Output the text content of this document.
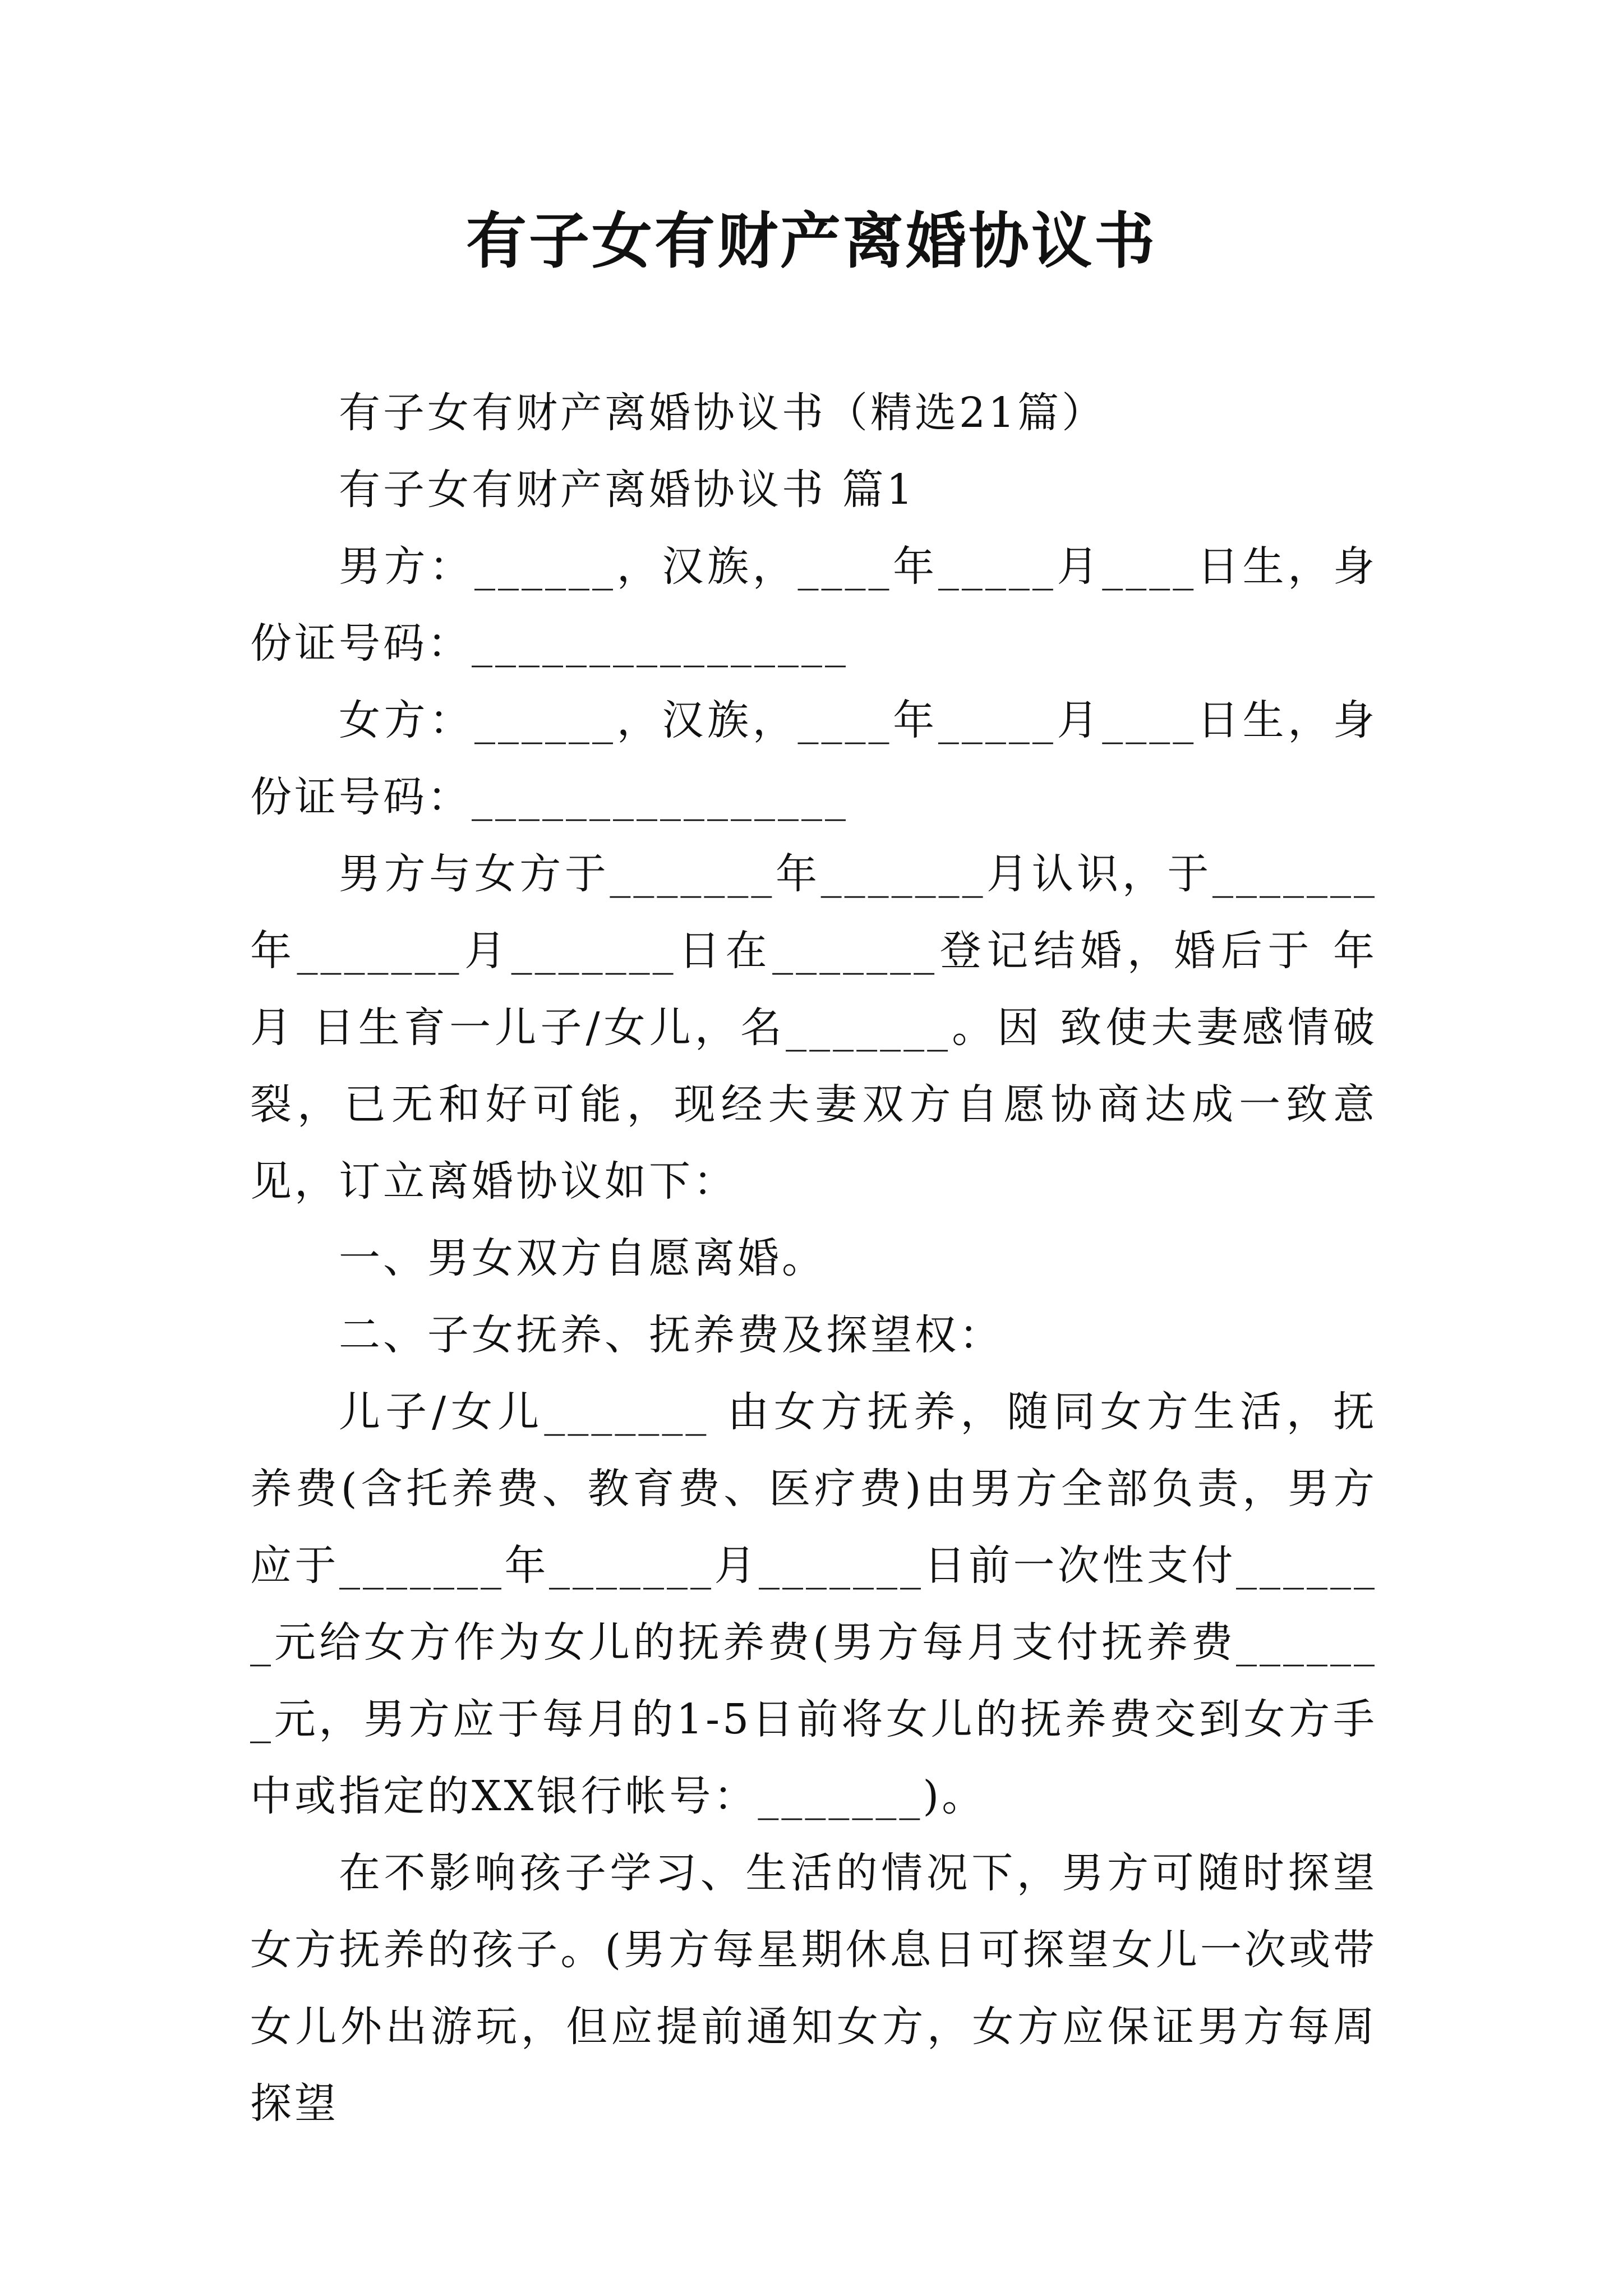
有子女有财产离婚协议书

有子女有财产离婚协议书（精选21篇）

有子女有财产离婚协议书 篇1

男方：______，汉族，____年_____月____日生，身份证号码：________________

女方：______，汉族，____年_____月____日生，身份证号码：________________

男方与女方于_______年_______月认识，于_______年_______月_______日在_______登记结婚，婚后于 年 月 日生育一儿子/女儿，名_______。因 致使夫妻感情破裂，已无和好可能，现经夫妻双方自愿协商达成一致意见，订立离婚协议如下：

一、男女双方自愿离婚。

二、子女抚养、抚养费及探望权：

儿子/女儿_______ 由女方抚养，随同女方生活，抚养费(含托养费、教育费、医疗费)由男方全部负责，男方应于_______年_______月_______日前一次性支付_______元给女方作为女儿的抚养费(男方每月支付抚养费_______元，男方应于每月的1-5日前将女儿的抚养费交到女方手中或指定的XX银行帐号：_______)。

在不影响孩子学习、生活的情况下，男方可随时探望女方抚养的孩子。(男方每星期休息日可探望女儿一次或带女儿外出游玩，但应提前通知女方，女方应保证男方每周探望
